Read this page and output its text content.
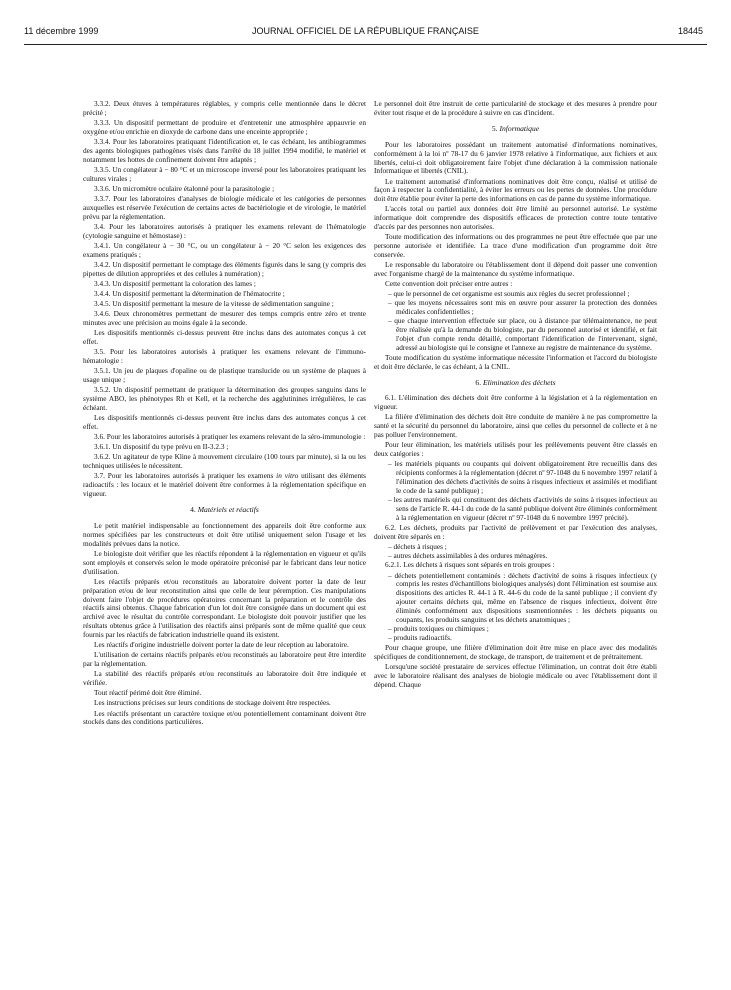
11 décembre 1999	JOURNAL OFFICIEL DE LA RÉPUBLIQUE FRANÇAISE	18445

3.3.2. Deux étuves à températures réglables, y compris celle mentionnée dans le décret précité ;

3.3.3. Un dispositif permettant de produire et d'entretenir une atmosphère appauvrie en oxygène et/ou enrichie en dioxyde de carbone dans une enceinte appropriée ;

3.3.4. Pour les laboratoires pratiquant l'identification et, le cas échéant, les antibiogrammes des agents biologiques pathogènes visés dans l'arrêté du 18 juillet 1994 modifié, le matériel et notamment les hottes de confinement doivent être adaptés ;

3.3.5. Un congélateur à − 80 °C et un microscope inversé pour les laboratoires pratiquant les cultures virales ;

3.3.6. Un micromètre oculaire étalonné pour la parasitologie ;

3.3.7. Pour les laboratoires d'analyses de biologie médicale et les catégories de personnes auxquelles est réservée l'exécution de certains actes de bactériologie et de virologie, le matériel prévu par la réglementation.

3.4. Pour les laboratoires autorisés à pratiquer les examens relevant de l'hématologie (cytologie sanguine et hémostase) :

3.4.1. Un congélateur à − 30 °C, ou un congélateur à − 20 °C selon les exigences des examens pratiqués ;

3.4.2. Un dispositif permettant le comptage des éléments figurés dans le sang (y compris des pipettes de dilution appropriées et des cellules à numération) ;

3.4.3. Un dispositif permettant la coloration des lames ;

3.4.4. Un dispositif permettant la détermination de l'hématocrite ;

3.4.5. Un dispositif permettant la mesure de la vitesse de sédimentation sanguine ;

3.4.6. Deux chronomètres permettant de mesurer des temps compris entre zéro et trente minutes avec une précision au moins égale à la seconde.

Les dispositifs mentionnés ci-dessus peuvent être inclus dans des automates conçus à cet effet.

3.5. Pour les laboratoires autorisés à pratiquer les examens relevant de l'immuno-hématologie :

3.5.1. Un jeu de plaques d'opaline ou de plastique translucide ou un système de plaques à usage unique ;

3.5.2. Un dispositif permettant de pratiquer la détermination des groupes sanguins dans le système ABO, les phénotypes Rh et Kell, et la recherche des agglutinines irrégulières, le cas échéant.

Les dispositifs mentionnés ci-dessus peuvent être inclus dans des automates conçus à cet effet.

3.6. Pour les laboratoires autorisés à pratiquer les examens relevant de la séro-immunologie :

3.6.1. Un dispositif du type prévu en II-3.2.3 ;

3.6.2. Un agitateur de type Kline à mouvement circulaire (100 tours par minute), si la ou les techniques utilisées le nécessitent.

3.7. Pour les laboratoires autorisés à pratiquer les examens in vitro utilisant des éléments radioactifs : les locaux et le matériel doivent être conformes à la réglementation spécifique en vigueur.

4. Matériels et réactifs

Le petit matériel indispensable au fonctionnement des appareils doit être conforme aux normes spécifiées par les constructeurs et doit être utilisé uniquement selon l'usage et les modalités prévues dans la notice.

Le biologiste doit vérifier que les réactifs répondent à la réglementation en vigueur et qu'ils sont employés et conservés selon le mode opératoire préconisé par le fabricant dans leur notice d'utilisation.

Les réactifs préparés et/ou reconstitués au laboratoire doivent porter la date de leur préparation et/ou de leur reconstitution ainsi que celle de leur péremption. Ces manipulations doivent faire l'objet de procédures opératoires concernant la préparation et le contrôle des réactifs ainsi obtenus. Chaque fabrication d'un lot doit être consignée dans un document qui est archivé avec le résultat du contrôle correspondant. Le biologiste doit pouvoir justifier que les résultats obtenus grâce à l'utilisation des réactifs ainsi préparés sont de même qualité que ceux fournis par les réactifs de fabrication industrielle quand ils existent.

Les réactifs d'origine industrielle doivent porter la date de leur réception au laboratoire.

L'utilisation de certains réactifs préparés et/ou reconstitués au laboratoire peut être interdite par la réglementation.

La stabilité des réactifs préparés et/ou reconstitués au laboratoire doit être indiquée et vérifiée.

Tout réactif périmé doit être éliminé.

Les instructions précises sur leurs conditions de stockage doivent être respectées.

Les réactifs présentant un caractère toxique et/ou potentiellement contaminant doivent être stockés dans des conditions particulières.

Le personnel doit être instruit de cette particularité de stockage et des mesures à prendre pour éviter tout risque et de la procédure à suivre en cas d'incident.

5. Informatique

Pour les laboratoires possédant un traitement automatisé d'informations nominatives, conformément à la loi nº 78-17 du 6 janvier 1978 relative à l'informatique, aux fichiers et aux libertés, celui-ci doit obligatoirement faire l'objet d'une déclaration à la commission nationale Informatique et libertés (CNIL).

Le traitement automatisé d'informations nominatives doit être conçu, réalisé et utilisé de façon à respecter la confidentialité, à éviter les erreurs ou les pertes de données. Une procédure doit être établie pour éviter la perte des informations en cas de panne du système informatique.

L'accès total ou partiel aux données doit être limité au personnel autorisé. Le système informatique doit comprendre des dispositifs efficaces de protection contre toute tentative d'accès par des personnes non autorisées.

Toute modification des informations ou des programmes ne peut être effectuée que par une personne autorisée et identifiée. La trace d'une modification d'un programme doit être conservée.

Le responsable du laboratoire ou l'établissement dont il dépend doit passer une convention avec l'organisme chargé de la maintenance du système informatique.

Cette convention doit préciser entre autres :

– que le personnel de cet organisme est soumis aux règles du secret professionnel ;
– que les moyens nécessaires sont mis en œuvre pour assurer la protection des données médicales confidentielles ;
– que chaque intervention effectuée sur place, ou à distance par télémaintenance, ne peut être réalisée qu'à la demande du biologiste, par du personnel autorisé et identifié, et fait l'objet d'un compte rendu détaillé, comportant l'identification de l'intervenant, signé, adressé au biologiste qui le consigne et l'annexe au registre de maintenance du système.

Toute modification du système informatique nécessite l'information et l'accord du biologiste et doit être déclarée, le cas échéant, à la CNIL.

6. Elimination des déchets

6.1. L'élimination des déchets doit être conforme à la législation et à la réglementation en vigueur.

La filière d'élimination des déchets doit être conduite de manière à ne pas compromettre la santé et la sécurité du personnel du laboratoire, ainsi que celles du personnel de collecte et à ne pas polluer l'environnement.

Pour leur élimination, les matériels utilisés pour les prélèvements peuvent être classés en deux catégories :

– les matériels piquants ou coupants qui doivent obligatoirement être recueillis dans des récipients conformes à la réglementation (décret nº 97-1048 du 6 novembre 1997 relatif à l'élimination des déchets d'activités de soins à risques infectieux et assimilés et modifiant le code de la santé publique) ;
– les autres matériels qui constituent des déchets d'activités de soins à risques infectieux au sens de l'article R. 44-1 du code de la santé publique doivent être éliminés conformément à la réglementation en vigueur (décret nº 97-1048 du 6 novembre 1997 précité).

6.2. Les déchets, produits par l'activité de prélèvement et par l'exécution des analyses, doivent être séparés en :

– déchets à risques ;
– autres déchets assimilables à des ordures ménagères.

6.2.1. Les déchets à risques sont séparés en trois groupes :

– déchets potentiellement contaminés : déchets d'activité de soins à risques infectieux (y compris les restes d'échantillons biologiques analysés) dont l'élimination est soumise aux dispositions des articles R. 44-1 à R. 44-6 du code de la santé publique ; il convient d'y ajouter certains déchets qui, même en l'absence de risques infectieux, doivent être éliminés conformément aux dispositions susmentionnées : les déchets piquants ou coupants, les produits sanguins et les déchets anatomiques ;
– produits toxiques ou chimiques ;
– produits radioactifs.

Pour chaque groupe, une filière d'élimination doit être mise en place avec des modalités spécifiques de conditionnement, de stockage, de transport, de traitement et de prétraitement.

Lorsqu'une société prestataire de services effectue l'élimination, un contrat doit être établi avec le laboratoire réalisant des analyses de biologie médicale ou avec l'établissement dont il dépend. Chaque
